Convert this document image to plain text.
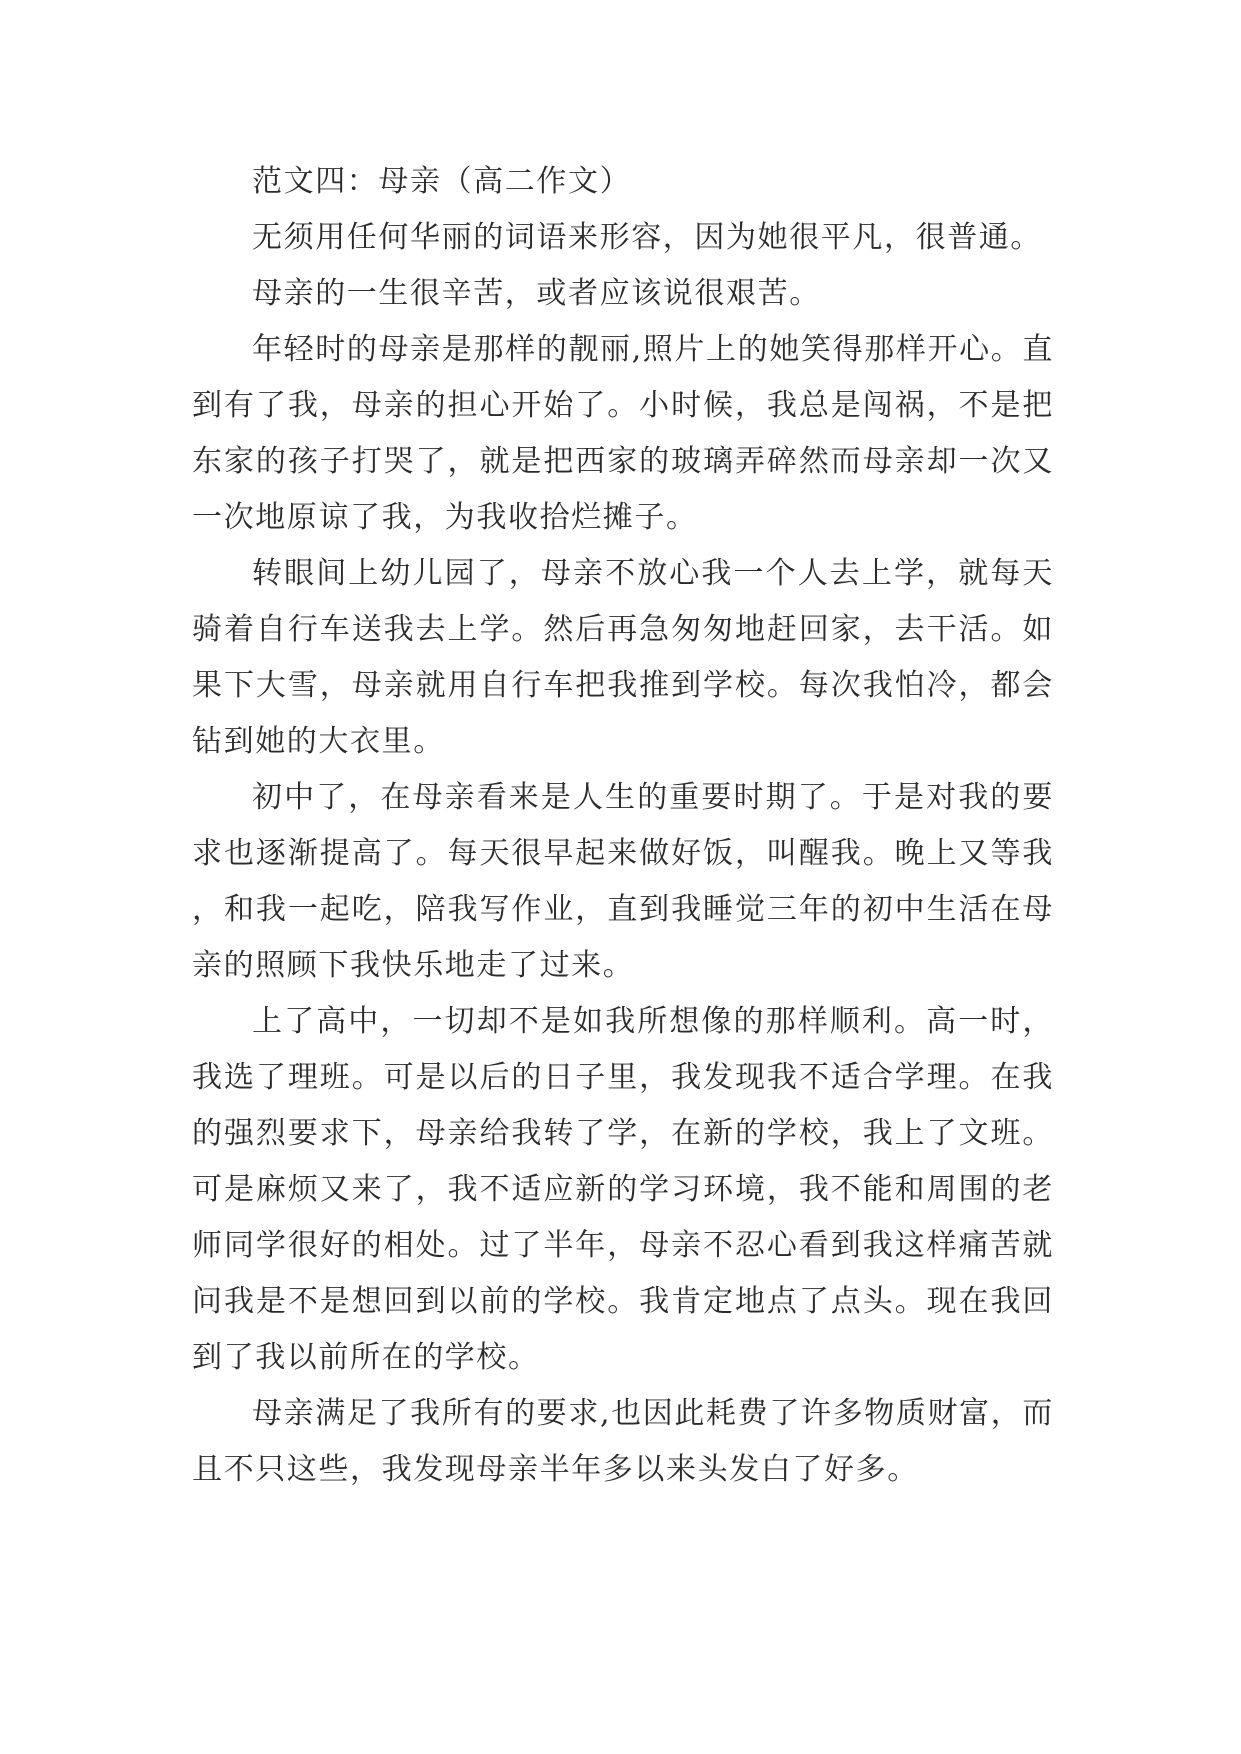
范文四：母亲（高二作文）

无须用任何华丽的词语来形容，因为她很平凡，很普通。

母亲的一生很辛苦，或者应该说很艰苦。

年轻时的母亲是那样的靓丽,照片上的她笑得那样开心。直到有了我，母亲的担心开始了。小时候，我总是闯祸，不是把东家的孩子打哭了，就是把西家的玻璃弄碎然而母亲却一次又一次地原谅了我，为我收拾烂摊子。

转眼间上幼儿园了，母亲不放心我一个人去上学，就每天骑着自行车送我去上学。然后再急匆匆地赶回家，去干活。如果下大雪，母亲就用自行车把我推到学校。每次我怕冷，都会钻到她的大衣里。

初中了，在母亲看来是人生的重要时期了。于是对我的要求也逐渐提高了。每天很早起来做好饭，叫醒我。晚上又等我，和我一起吃，陪我写作业，直到我睡觉三年的初中生活在母亲的照顾下我快乐地走了过来。

上了高中，一切却不是如我所想像的那样顺利。高一时，我选了理班。可是以后的日子里，我发现我不适合学理。在我的强烈要求下，母亲给我转了学，在新的学校，我上了文班。可是麻烦又来了，我不适应新的学习环境，我不能和周围的老师同学很好的相处。过了半年，母亲不忍心看到我这样痛苦就问我是不是想回到以前的学校。我肯定地点了点头。现在我回到了我以前所在的学校。

母亲满足了我所有的要求,也因此耗费了许多物质财富，而且不只这些，我发现母亲半年多以来头发白了好多。
